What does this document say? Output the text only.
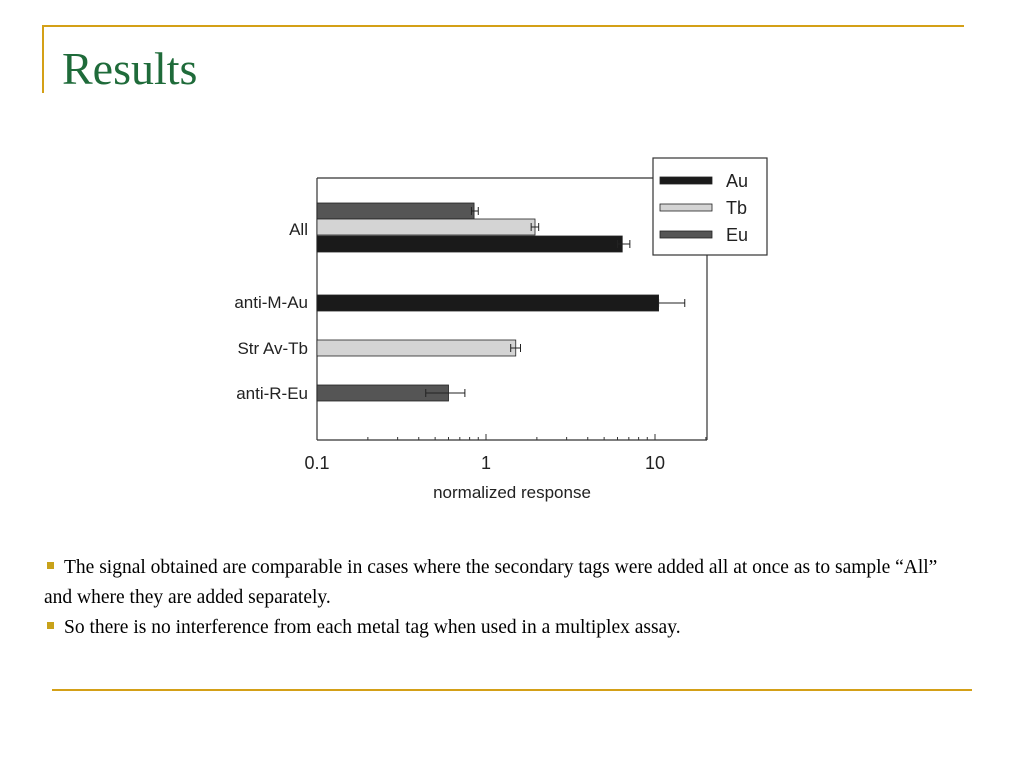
Results
0.1	1	10
normalized response
All
anti-M-Au
Str Av-Tb
anti-R-Eu
Au
Tb
Eu

The signal obtained are comparable in cases where the secondary tags were added all at once as to sample “All” and where they are added separately.

So there is no interference from each metal tag when used in a multiplex assay.
